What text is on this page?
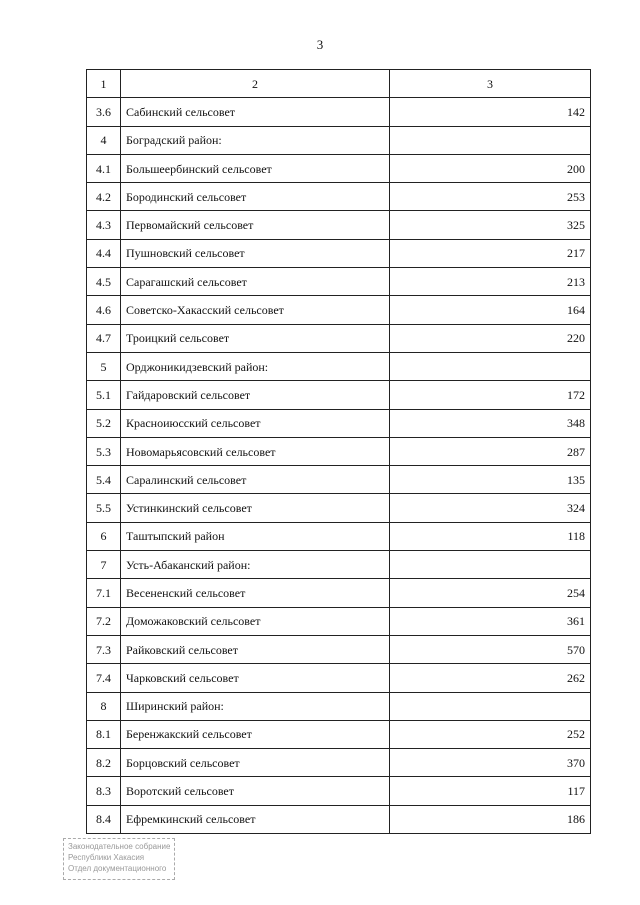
3
1	2	3
3.6	Сабинский сельсовет	142
4	Боградский район:	
4.1	Большеербинский сельсовет	200
4.2	Бородинский сельсовет	253
4.3	Первомайский сельсовет	325
4.4	Пушновский сельсовет	217
4.5	Сарагашский сельсовет	213
4.6	Советско-Хакасский сельсовет	164
4.7	Троицкий сельсовет	220
5	Орджоникидзевский район:	
5.1	Гайдаровский сельсовет	172
5.2	Красноиюсский сельсовет	348
5.3	Новомарьясовский сельсовет	287
5.4	Саралинский сельсовет	135
5.5	Устинкинский сельсовет	324
6	Таштыпский район	118
7	Усть-Абаканский район:	
7.1	Весененский сельсовет	254
7.2	Доможаковский сельсовет	361
7.3	Райковский сельсовет	570
7.4	Чарковский сельсовет	262
8	Ширинский район:	
8.1	Беренжакский сельсовет	252
8.2	Борцовский сельсовет	370
8.3	Воротский сельсовет	117
8.4	Ефремкинский сельсовет	186
Законодательное собрание
Республики Хакасия
Отдел документационного
